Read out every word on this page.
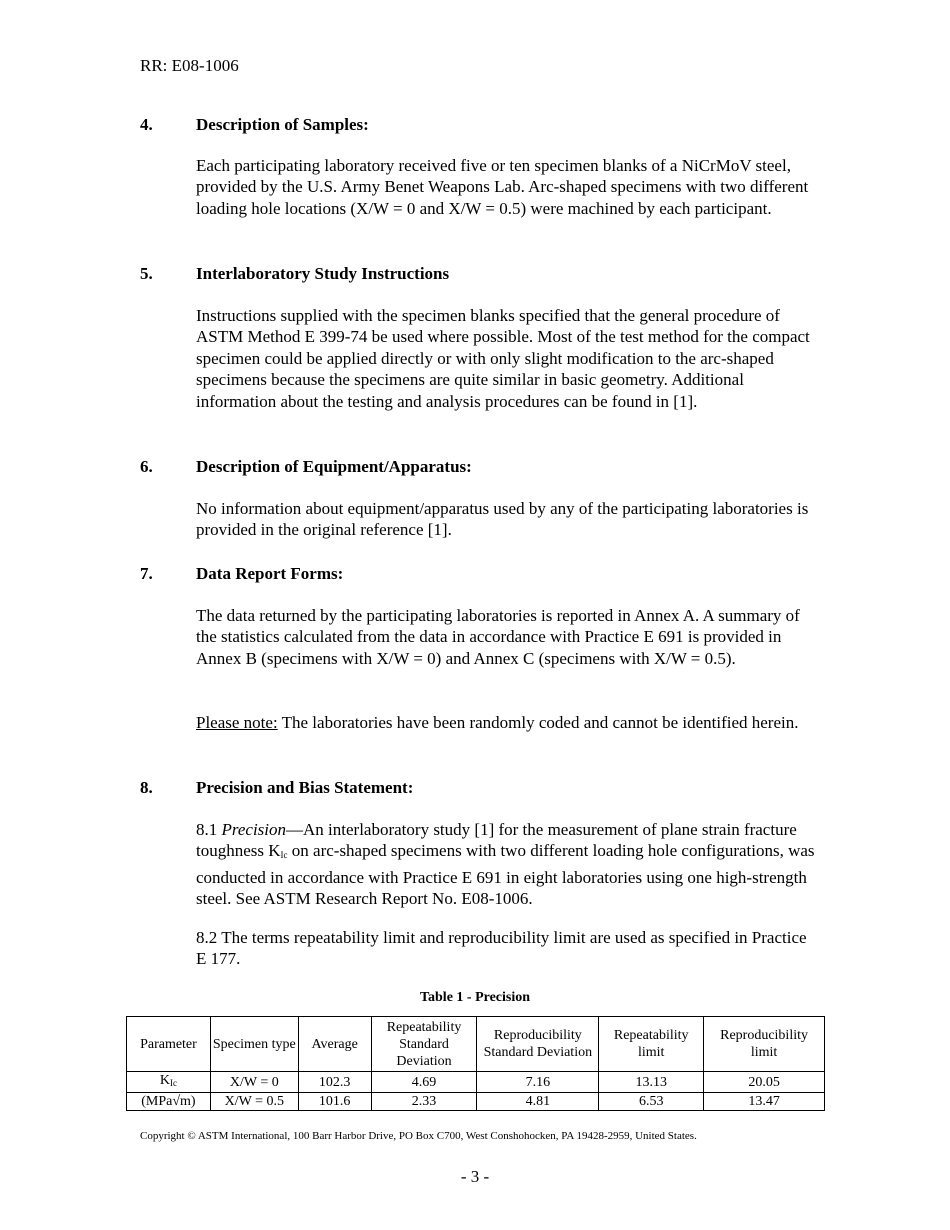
RR: E08-1006
4.	Description of Samples:
Each participating laboratory received five or ten specimen blanks of a NiCrMoV steel, provided by the U.S. Army Benet Weapons Lab. Arc-shaped specimens with two different loading hole locations (X/W = 0 and X/W = 0.5) were machined by each participant.
5.	Interlaboratory Study Instructions
Instructions supplied with the specimen blanks specified that the general procedure of ASTM Method E 399-74 be used where possible. Most of the test method for the compact specimen could be applied directly or with only slight modification to the arc-shaped specimens because the specimens are quite similar in basic geometry. Additional information about the testing and analysis procedures can be found in [1].
6.	Description of Equipment/Apparatus:
No information about equipment/apparatus used by any of the participating laboratories is provided in the original reference [1].
7.	Data Report Forms:
The data returned by the participating laboratories is reported in Annex A. A summary of the statistics calculated from the data in accordance with Practice E 691 is provided in Annex B (specimens with X/W = 0) and Annex C (specimens with X/W = 0.5).
Please note: The laboratories have been randomly coded and cannot be identified herein.
8.	Precision and Bias Statement:
8.1 Precision—An interlaboratory study [1] for the measurement of plane strain fracture toughness $K_{Ic}$ on arc-shaped specimens with two different loading hole configurations, was conducted in accordance with Practice E 691 in eight laboratories using one high-strength steel. See ASTM Research Report No. E08-1006.
8.2 The terms repeatability limit and reproducibility limit are used as specified in Practice E 177.
Table 1 - Precision
Parameter	Specimen type	Average	Repeatability Standard Deviation	Reproducibility Standard Deviation	Repeatability limit	Reproducibility limit
$K_{Ic}$	X/W = 0	102.3	4.69	7.16	13.13	20.05
(MPa√m)	X/W = 0.5	101.6	2.33	4.81	6.53	13.47
Copyright © ASTM International, 100 Barr Harbor Drive, PO Box C700, West Conshohocken, PA 19428-2959, United States.
- 3 -
